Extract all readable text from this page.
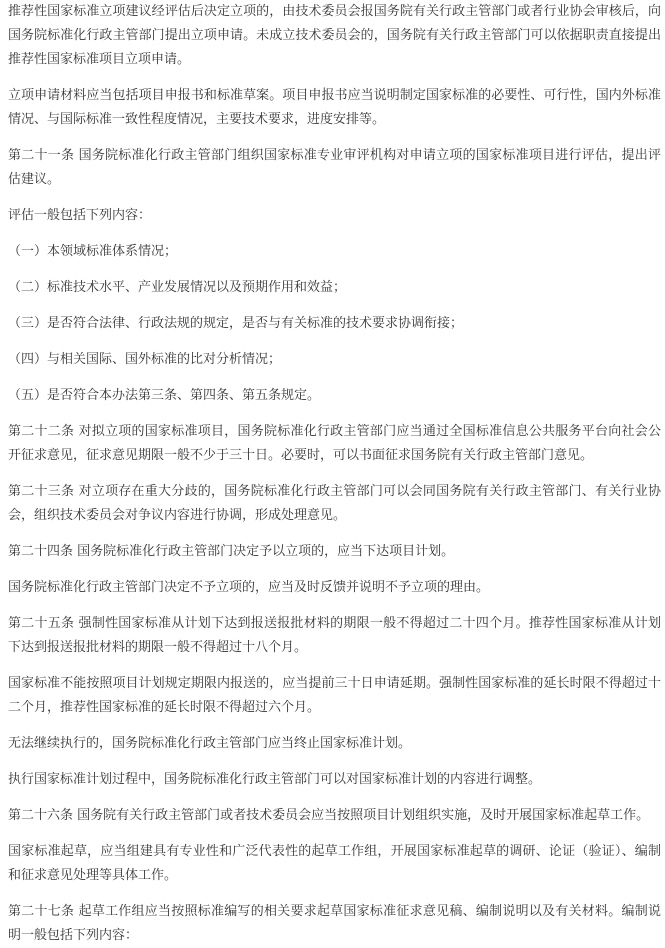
推荐性国家标准立项建议经评估后决定立项的，由技术委员会报国务院有关行政主管部门或者行业协会审核后，向国务院标准化行政主管部门提出立项申请。未成立技术委员会的，国务院有关行政主管部门可以依据职责直接提出推荐性国家标准项目立项申请。

立项申请材料应当包括项目申报书和标准草案。项目申报书应当说明制定国家标准的必要性、可行性，国内外标准情况、与国际标准一致性程度情况，主要技术要求，进度安排等。

第二十一条 国务院标准化行政主管部门组织国家标准专业审评机构对申请立项的国家标准项目进行评估，提出评估建议。

评估一般包括下列内容：

（一）本领域标准体系情况；

（二）标准技术水平、产业发展情况以及预期作用和效益；

（三）是否符合法律、行政法规的规定，是否与有关标准的技术要求协调衔接；

（四）与相关国际、国外标准的比对分析情况；

（五）是否符合本办法第三条、第四条、第五条规定。

第二十二条 对拟立项的国家标准项目，国务院标准化行政主管部门应当通过全国标准信息公共服务平台向社会公开征求意见，征求意见期限一般不少于三十日。必要时，可以书面征求国务院有关行政主管部门意见。

第二十三条 对立项存在重大分歧的，国务院标准化行政主管部门可以会同国务院有关行政主管部门、有关行业协会，组织技术委员会对争议内容进行协调，形成处理意见。

第二十四条 国务院标准化行政主管部门决定予以立项的，应当下达项目计划。

国务院标准化行政主管部门决定不予立项的，应当及时反馈并说明不予立项的理由。

第二十五条 强制性国家标准从计划下达到报送报批材料的期限一般不得超过二十四个月。推荐性国家标准从计划下达到报送报批材料的期限一般不得超过十八个月。

国家标准不能按照项目计划规定期限内报送的，应当提前三十日申请延期。强制性国家标准的延长时限不得超过十二个月，推荐性国家标准的延长时限不得超过六个月。

无法继续执行的，国务院标准化行政主管部门应当终止国家标准计划。

执行国家标准计划过程中，国务院标准化行政主管部门可以对国家标准计划的内容进行调整。

第二十六条 国务院有关行政主管部门或者技术委员会应当按照项目计划组织实施，及时开展国家标准起草工作。

国家标准起草，应当组建具有专业性和广泛代表性的起草工作组，开展国家标准起草的调研、论证（验证）、编制和征求意见处理等具体工作。

第二十七条 起草工作组应当按照标准编写的相关要求起草国家标准征求意见稿、编制说明以及有关材料。编制说明一般包括下列内容：
